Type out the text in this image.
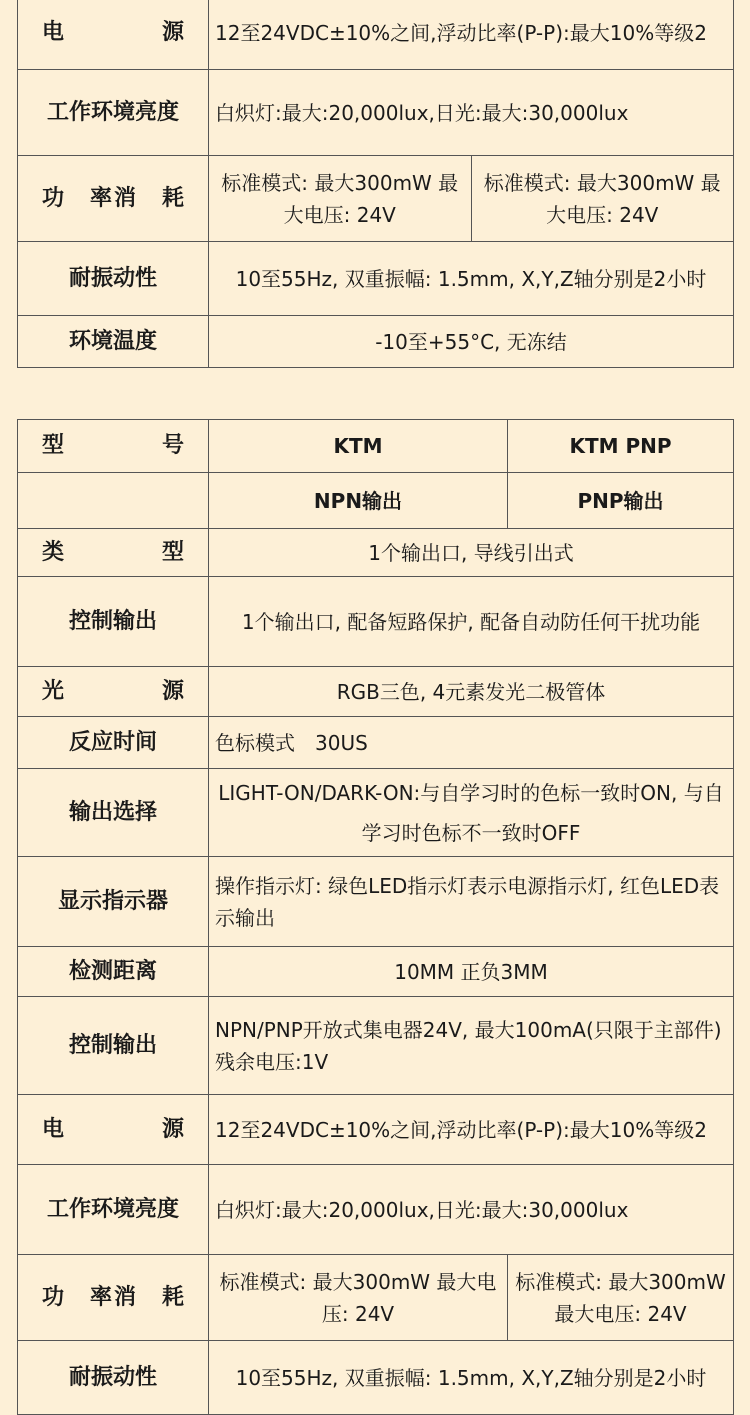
电　　源	12至24VDC±10%之间,浮动比率(P-P):最大10%等级2	
工作环境亮度	白炽灯:最大:20,000lux,日光:最大:30,000lux	
功　率消　耗	标准模式: 最大300mW 最大电压: 24V	标准模式: 最大300mW 最大电压: 24V
耐振动性	10至55Hz, 双重振幅: 1.5mm, X,Y,Z轴分别是2小时	
环境温度	-10至+55°C, 无冻结	
型　　号	KTM	KTM PNP
	NPN输出	PNP输出
类　　型	1个输出口, 导线引出式	
控制输出	1个输出口, 配备短路保护, 配备自动防任何干扰功能	
光　　源	RGB三色, 4元素发光二极管体	
反应时间	色标模式　30US	
输出选择	LIGHT-ON/DARK-ON:与自学习时的色标一致时ON, 与自学习时色标不一致时OFF	
显示指示器	操作指示灯: 绿色LED指示灯表示电源指示灯, 红色LED表示输出	
检测距离	10MM 正负3MM	
控制输出	NPN/PNP开放式集电器24V, 最大100mA(只限于主部件)　残余电压:1V	
电　　源	12至24VDC±10%之间,浮动比率(P-P):最大10%等级2	
工作环境亮度	白炽灯:最大:20,000lux,日光:最大:30,000lux	
功　率消　耗	标准模式: 最大300mW 最大电压: 24V	标准模式: 最大300mW 最大电压: 24V
耐振动性	10至55Hz, 双重振幅: 1.5mm, X,Y,Z轴分别是2小时	
